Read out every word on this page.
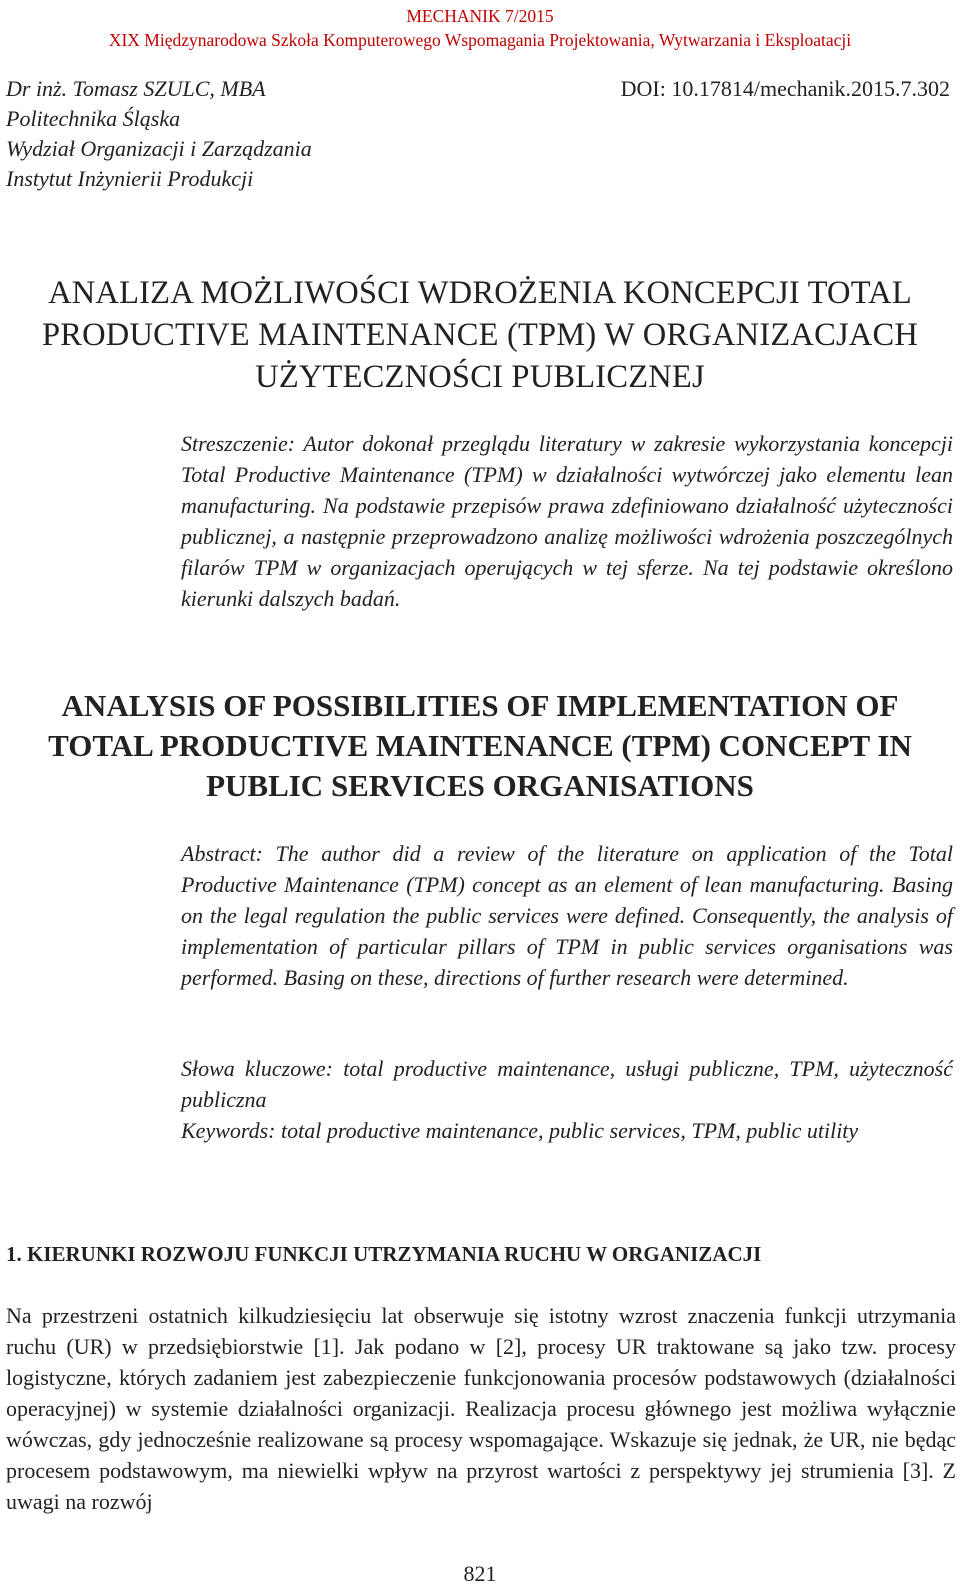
MECHANIK 7/2015
XIX Międzynarodowa Szkoła Komputerowego Wspomagania Projektowania, Wytwarzania i Eksploatacji
Dr inż. Tomasz SZULC, MBA
Politechnika Śląska
Wydział Organizacji i Zarządzania
Instytut Inżynierii Produkcji
DOI: 10.17814/mechanik.2015.7.302
ANALIZA MOŻLIWOŚCI WDROŻENIA KONCEPCJI TOTAL
PRODUCTIVE MAINTENANCE (TPM) W ORGANIZACJACH
UŻYTECZNOŚCI PUBLICZNEJ
Streszczenie: Autor dokonał przeglądu literatury w zakresie wykorzystania koncepcji Total Productive Maintenance (TPM) w działalności wytwórczej jako elementu lean manufacturing. Na podstawie przepisów prawa zdefiniowano działalność użyteczności publicznej, a następnie przeprowadzono analizę możliwości wdrożenia poszczególnych filarów TPM w organizacjach operujących w tej sferze. Na tej podstawie określono kierunki dalszych badań.
ANALYSIS OF POSSIBILITIES OF IMPLEMENTATION OF
TOTAL PRODUCTIVE MAINTENANCE (TPM) CONCEPT IN
PUBLIC SERVICES ORGANISATIONS
Abstract: The author did a review of the literature on application of the Total Productive Maintenance (TPM) concept as an element of lean manufacturing. Basing on the legal regulation the public services were defined. Consequently, the analysis of implementation of particular pillars of TPM in public services organisations was performed. Basing on these, directions of further research were determined.
Słowa kluczowe: total productive maintenance, usługi publiczne, TPM, użyteczność publiczna
Keywords: total productive maintenance, public services, TPM, public utility
1. KIERUNKI ROZWOJU FUNKCJI UTRZYMANIA RUCHU W ORGANIZACJI
Na przestrzeni ostatnich kilkudziesięciu lat obserwuje się istotny wzrost znaczenia funkcji utrzymania ruchu (UR) w przedsiębiorstwie [1]. Jak podano w [2], procesy UR traktowane są jako tzw. procesy logistyczne, których zadaniem jest zabezpieczenie funkcjonowania procesów podstawowych (działalności operacyjnej) w systemie działalności organizacji. Realizacja procesu głównego jest możliwa wyłącznie wówczas, gdy jednocześnie realizowane są procesy wspomagające. Wskazuje się jednak, że UR, nie będąc procesem podstawowym, ma niewielki wpływ na przyrost wartości z perspektywy jej strumienia [3]. Z uwagi na rozwój
821
